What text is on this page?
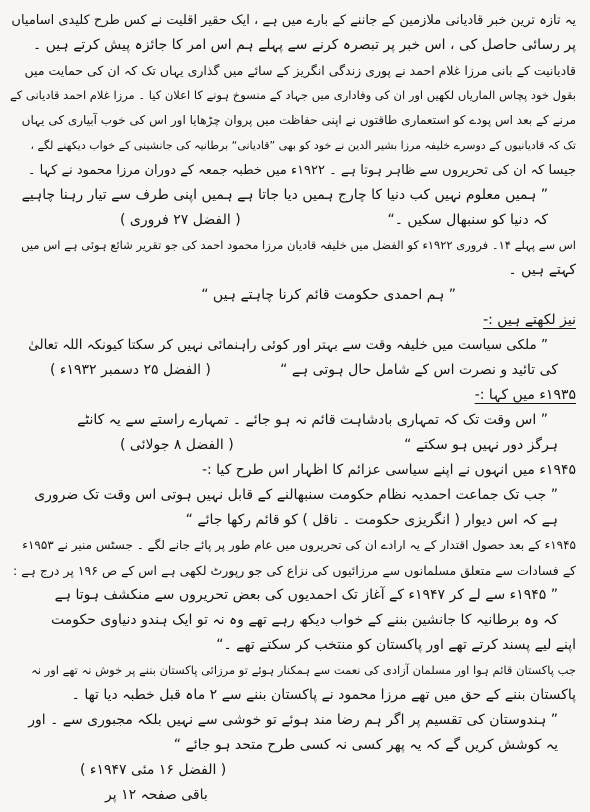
یہ تازہ ترین خبر قادیانی ملازمین کے جاننے کے بارے میں ہے ، ایک حقیر اقلیت نے کس طرح کلیدی اسامیاں
پر رسائی حاصل کی ، اس خبر پر تبصرہ کرنے سے پہلے ہم اس امر کا جائزہ پیش کرتے ہیں ۔
قادیانیت کے بانی مرزا غلام احمد نے پوری زندگی انگریز کے سائے میں گذاری یہاں تک کہ ان کی حمایت میں
بقول خود پچاس الماریاں لکھیں اور ان کی وفاداری میں جہاد کے منسوخ ہونے کا اعلان کیا ۔ مرزا غلام احمد قادیانی کے
مرنے کے بعد اس پودے کو استعماری طاقتوں نے اپنی حفاظت میں پروان چڑھایا اور اس کی خوب آبیاری کی یہاں
تک کہ قادیانیوں کے دوسرے خلیفہ مرزا بشیر الدین نے خود کو بھی ”قادیانی“ برطانیہ کی جانشینی کے خواب دیکھنے لگے ،
جیسا کہ ان کی تحریروں سے ظاہر ہوتا ہے ۔ ۱۹۲۲ء میں خطبہ جمعہ کے دوران مرزا محمود نے کہا ۔
” ہمیں معلوم نہیں کب دنیا کا چارج ہمیں دیا جاتا ہے ہمیں اپنی طرف سے تیار رہنا چاہیے
کہ دنیا کو سنبھال سکیں ۔“
( الفضل ۲۷ فروری )
اس سے پہلے ۱۴۔ فروری ۱۹۲۲ء کو الفضل میں خلیفہ قادیان مرزا محمود احمد کی جو تقریر شائع ہوئی ہے اس میں
کہتے ہیں ۔
” ہم احمدی حکومت قائم کرنا چاہتے ہیں “
نیز لکھتے ہیں :-
” ملکی سیاست میں خلیفہ وقت سے بہتر اور کوئی راہنمائی نہیں کر سکتا کیونکہ اللہ تعالیٰ
کی تائید و نصرت اس کے شامل حال ہوتی ہے “
( الفضل ۲۵ دسمبر ۱۹۳۲ء )
۱۹۳۵ء میں کہا :-
” اس وقت تک کہ تمہاری بادشاہت قائم نہ ہو جائے ۔ تمہارے راستے سے یہ کانٹے
ہرگز دور نہیں ہو سکتے “
( الفضل ۸ جولائی )
۱۹۴۵ء میں انہوں نے اپنے سیاسی عزائم کا اظہار اس طرح کیا :-
” جب تک جماعت احمدیہ نظام حکومت سنبھالنے کے قابل نہیں ہوتی اس وقت تک ضروری
ہے کہ اس دیوار ( انگریزی حکومت ۔ ناقل ) کو قائم رکھا جائے “
۱۹۴۵ء کے بعد حصول اقتدار کے یہ ارادے ان کی تحریروں میں عام طور پر پائے جانے لگے ۔ جسٹس منیر نے ۱۹۵۳ء
کے فسادات سے متعلق مسلمانوں سے مرزائیوں کی نزاع کی جو رپورٹ لکھی ہے اس کے ص ۱۹۶ پر درج ہے :
” ۱۹۴۵ء سے لے کر ۱۹۴۷ء کے آغاز تک احمدیوں کی بعض تحریروں سے منکشف ہوتا ہے
کہ وہ برطانیہ کا جانشین بننے کے خواب دیکھ رہے تھے وہ نہ تو ایک ہندو دنیاوی حکومت
اپنے لیے پسند کرتے تھے اور پاکستان کو منتخب کر سکتے تھے ۔“
جب پاکستان قائم ہوا اور مسلمان آزادی کی نعمت سے ہمکنار ہوئے تو مرزائی پاکستان بننے پر خوش نہ تھے اور نہ
پاکستان بننے کے حق میں تھے مرزا محمود نے پاکستان بننے سے ۲ ماہ قبل خطبہ دیا تھا ۔
” ہندوستان کی تقسیم پر اگر ہم رضا مند ہوئے تو خوشی سے نہیں بلکہ مجبوری سے ۔ اور
یہ کوشش کریں گے کہ یہ پھر کسی نہ کسی طرح متحد ہو جائے “
( الفضل ۱۶ مئی ۱۹۴۷ء )
باقی صفحہ ۱۲ پر
